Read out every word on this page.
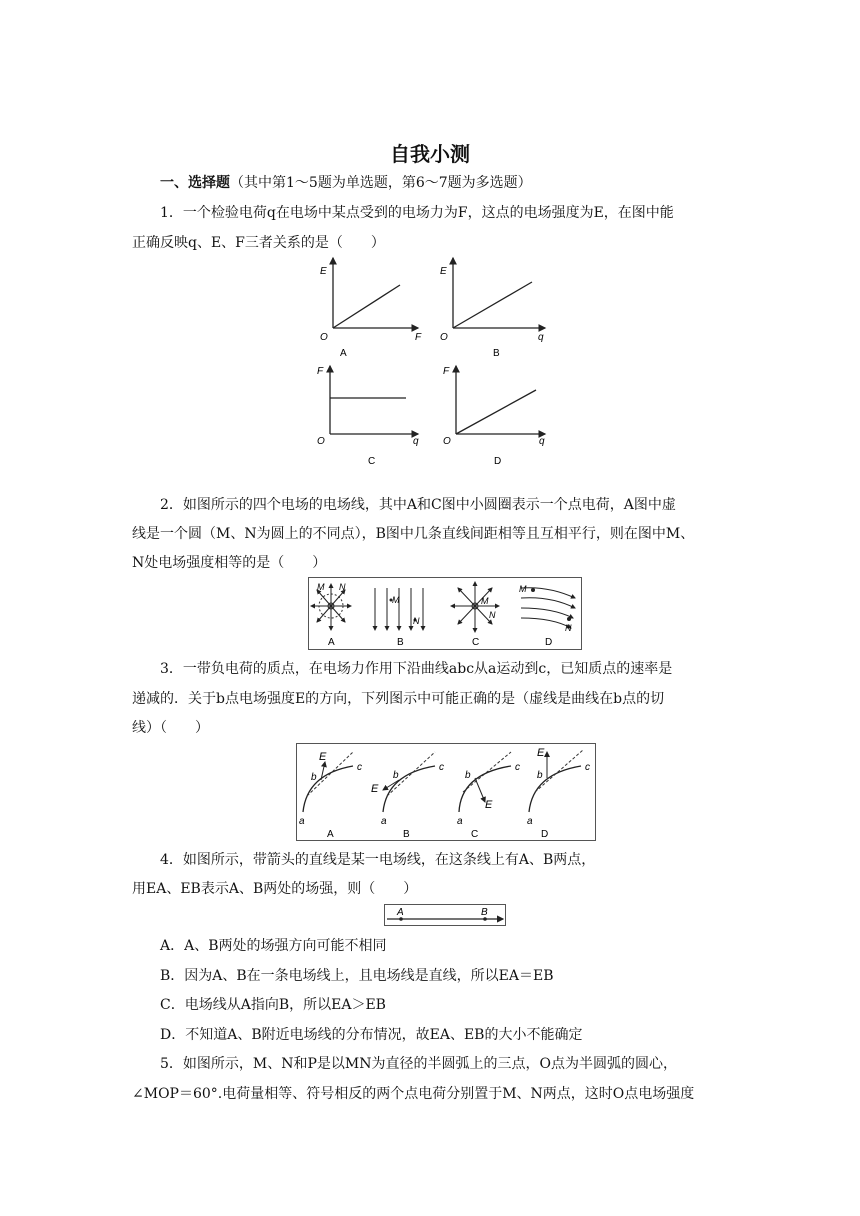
自我小测
一、选择题（其中第1～5题为单选题，第6～7题为多选题）
1．一个检验电荷q在电场中某点受到的电场力为F，这点的电场强度为E，在图中能
正确反映q、E、F三者关系的是（　　）
E
O	F
A
E
O	q
B
F
O	q
C
F
O	q
D
2．如图所示的四个电场的电场线，其中A和C图中小圆圈表示一个点电荷，A图中虚
线是一个圆（M、N为圆上的不同点），B图中几条直线间距相等且互相平行，则在图中M、
N处电场强度相等的是（　　）
M N
A
M
N
B
M
N
C
M
N
D
3．一带负电荷的质点，在电场力作用下沿曲线abc从a运动到c，已知质点的速率是
递减的．关于b点电场强度E的方向，下列图示中可能正确的是（虚线是曲线在b点的切
线）（　　）
E
b
c
a
A
E
b
c
a
B
E
b
c
a
C
E
b
c
a
D
4．如图所示，带箭头的直线是某一电场线，在这条线上有A、B两点，
用EA、EB表示A、B两处的场强，则（　　）
A	B
A．A、B两处的场强方向可能不相同
B．因为A、B在一条电场线上，且电场线是直线，所以EA＝EB
C．电场线从A指向B，所以EA＞EB
D．不知道A、B附近电场线的分布情况，故EA、EB的大小不能确定
5．如图所示，M、N和P是以MN为直径的半圆弧上的三点，O点为半圆弧的圆心，
∠MOP＝60°.电荷量相等、符号相反的两个点电荷分别置于M、N两点，这时O点电场强度
